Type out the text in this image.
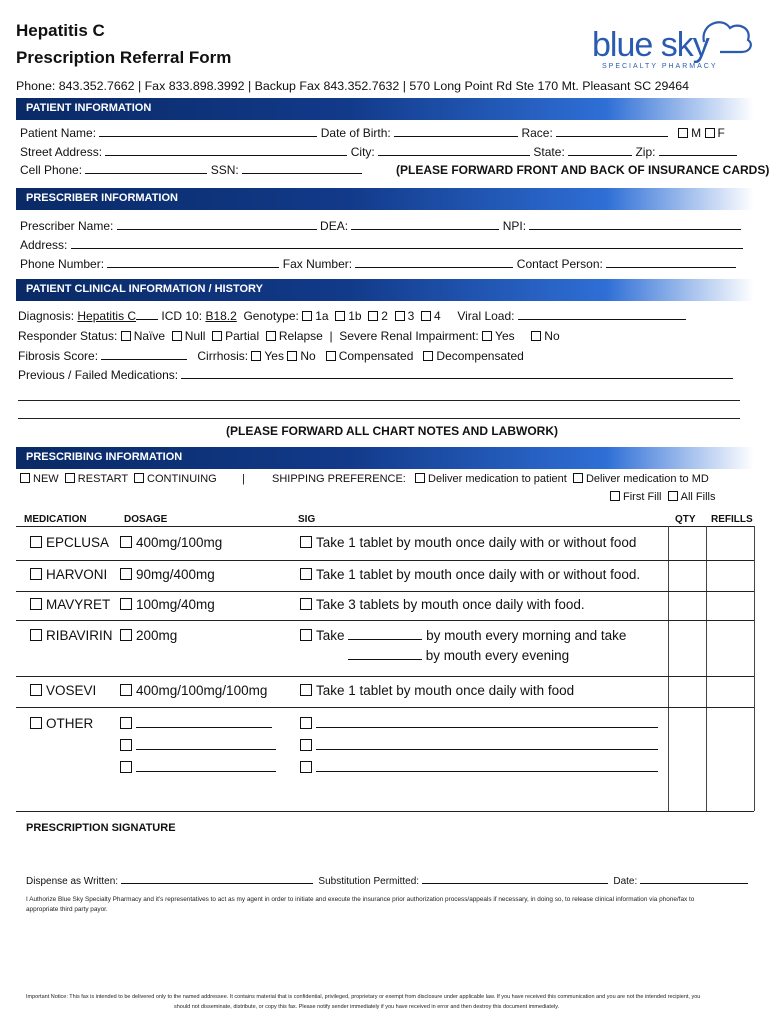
Hepatitis C
Prescription Referral Form	blue sky
SPECIALTY PHARMACY
Phone: 843.352.7662 | Fax 833.898.3992 | Backup Fax 843.352.7632 | 570 Long Point Rd Ste 170 Mt. Pleasant SC 29464
PATIENT INFORMATION
Patient Name:	Date of Birth:	Race:	M F
Street Address:	City:	State:	Zip:
Cell Phone:	SSN:	(PLEASE FORWARD FRONT AND BACK OF INSURANCE CARDS)
PRESCRIBER INFORMATION
Prescriber Name:	DEA:	NPI:
Address:
Phone Number:	Fax Number:	Contact Person:
PATIENT CLINICAL INFORMATION / HISTORY
Diagnosis: Hepatitis C ICD 10: B18.2 Genotype: 1a 1b 2 3 4 Viral Load:
Responder Status: Naïve Null Partial Relapse  |  Severe Renal Impairment: Yes No
Fibrosis Score:	Cirrhosis: Yes No Compensated Decompensated
Previous / Failed Medications:
(PLEASE FORWARD ALL CHART NOTES AND LABWORK)
PRESCRIBING INFORMATION
NEW RESTART CONTINUING | SHIPPING PREFERENCE: Deliver medication to patient Deliver medication to MD
First Fill All Fills
MEDICATION	DOSAGE	SIG	QTY REFILLS
EPCLUSA	400mg/100mg	Take 1 tablet by mouth once daily with or without food
HARVONI	90mg/400mg	Take 1 tablet by mouth once daily with or without food.
MAVYRET	100mg/40mg	Take 3 tablets by mouth once daily with food.
RIBAVIRIN	200mg	Take	by mouth every morning and take
by mouth every evening
VOSEVI	400mg/100mg/100mg	Take 1 tablet by mouth once daily with food
OTHER
PRESCRIPTION SIGNATURE
Dispense as Written:	Substitution Permitted:	Date:
I Authorize Blue Sky Specialty Pharmacy and it’s representatives to act as my agent in order to initiate and execute the insurance prior authorization process/appeals if necessary, in doing so, to release clinical information via phone/fax to
appropriate third party payor.
Important Notice: This fax is intended to be delivered only to the named addressee. It contains material that is confidential, privileged, proprietary or exempt from disclosure under applicable law. If you have received this communication and you are not the intended recipient, you
should not disseminate, distribute, or copy this fax. Please notify sender immediately if you have received in error and then destroy this document immediately.
